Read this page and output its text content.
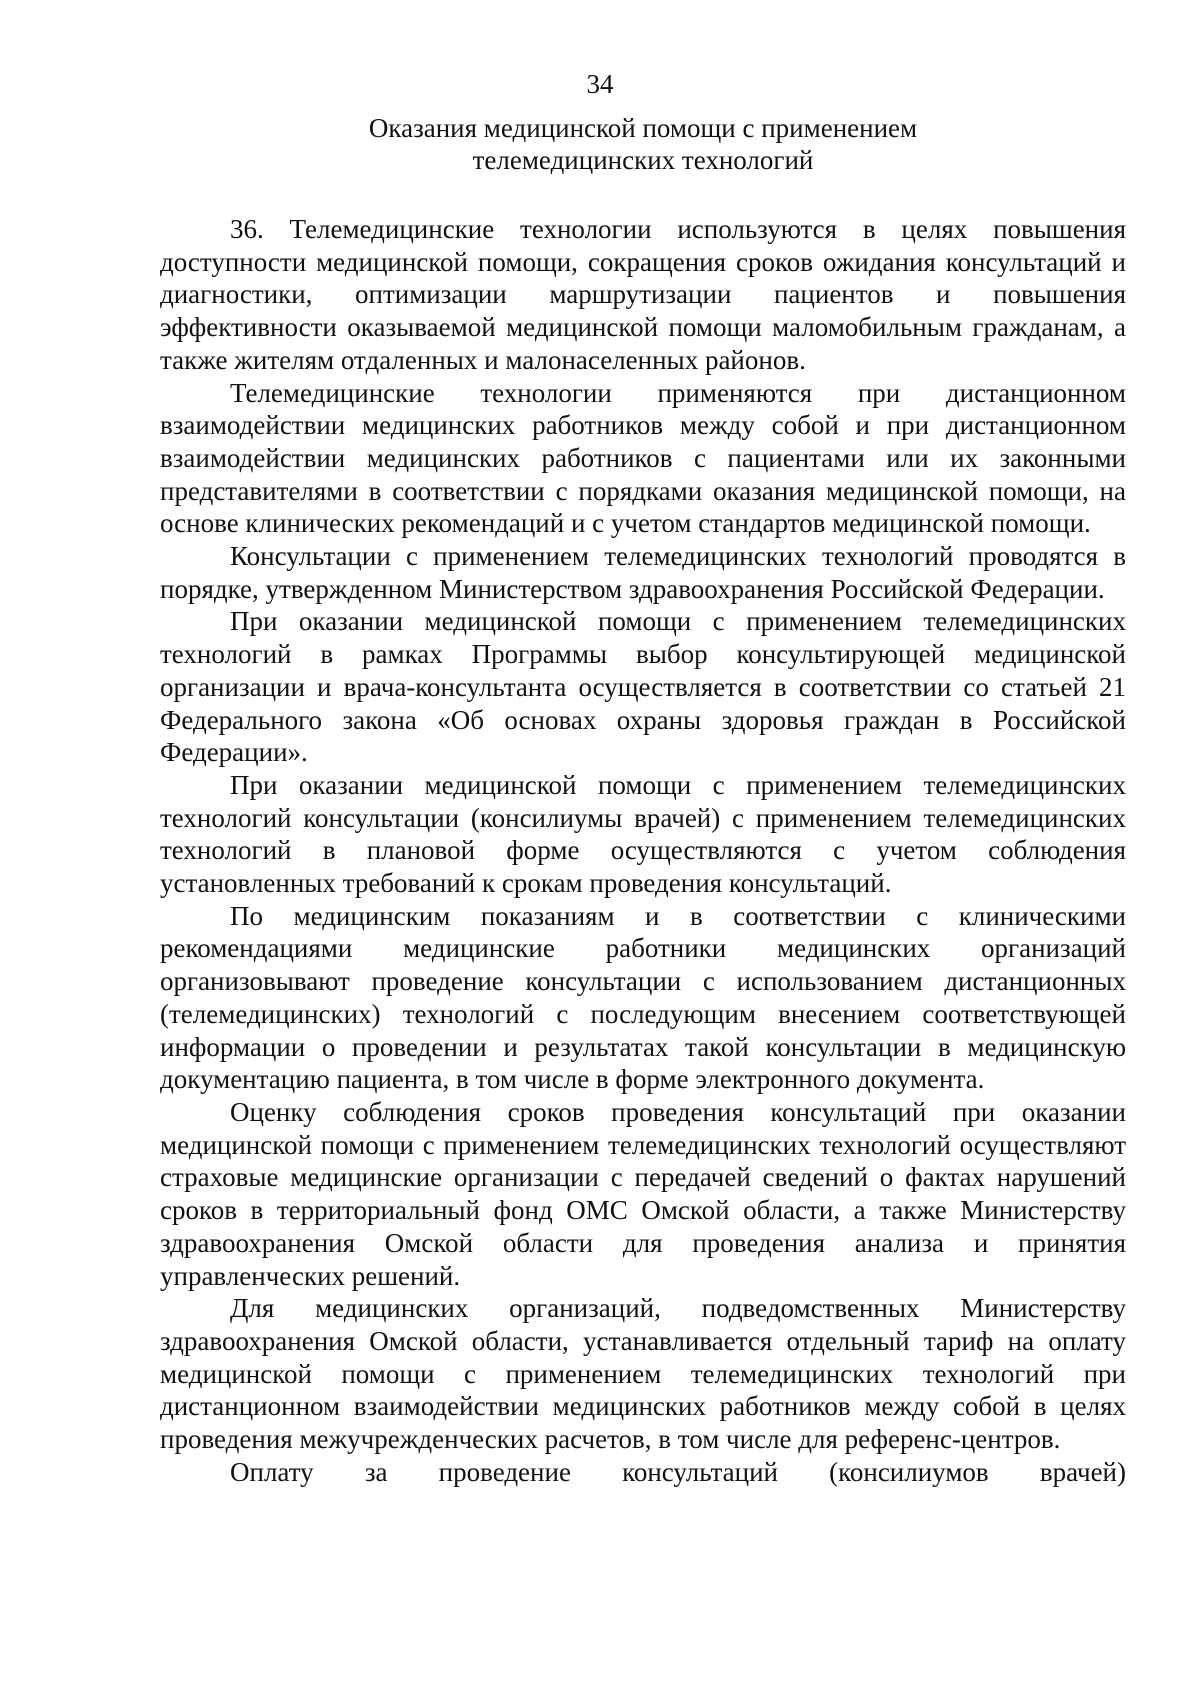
34
Оказания медицинской помощи с применением
телемедицинских технологий

36. Телемедицинские технологии используются в целях повышения доступности медицинской помощи, сокращения сроков ожидания консультаций и диагностики, оптимизации маршрутизации пациентов и повышения эффективности оказываемой медицинской помощи маломобильным гражданам, а также жителям отдаленных и малонаселенных районов.

Телемедицинские технологии применяются при дистанционном взаимодействии медицинских работников между собой и при дистанционном взаимодействии медицинских работников с пациентами или их законными представителями в соответствии с порядками оказания медицинской помощи, на основе клинических рекомендаций и с учетом стандартов медицинской помощи.

Консультации с применением телемедицинских технологий проводятся в порядке, утвержденном Министерством здравоохранения Российской Федерации.

При оказании медицинской помощи с применением телемедицинских технологий в рамках Программы выбор консультирующей медицинской организации и врача-консультанта осуществляется в соответствии со статьей 21 Федерального закона «Об основах охраны здоровья граждан в Российской Федерации».

При оказании медицинской помощи с применением телемедицинских технологий консультации (консилиумы врачей) с применением телемедицинских технологий в плановой форме осуществляются с учетом соблюдения установленных требований к срокам проведения консультаций.

По медицинским показаниям и в соответствии с клиническими рекомендациями медицинские работники медицинских организаций организовывают проведение консультации с использованием дистанционных (телемедицинских) технологий с последующим внесением соответствующей информации о проведении и результатах такой консультации в медицинскую документацию пациента, в том числе в форме электронного документа.

Оценку соблюдения сроков проведения консультаций при оказании медицинской помощи с применением телемедицинских технологий осуществляют страховые медицинские организации с передачей сведений о фактах нарушений сроков в территориальный фонд ОМС Омской области, а также Министерству здравоохранения Омской области для проведения анализа и принятия управленческих решений.

Для медицинских организаций, подведомственных Министерству здравоохранения Омской области, устанавливается отдельный тариф на оплату медицинской помощи с применением телемедицинских технологий при дистанционном взаимодействии медицинских работников между собой в целях проведения межучрежденческих расчетов, в том числе для референс-центров.

Оплату за проведение консультаций (консилиумов врачей)
